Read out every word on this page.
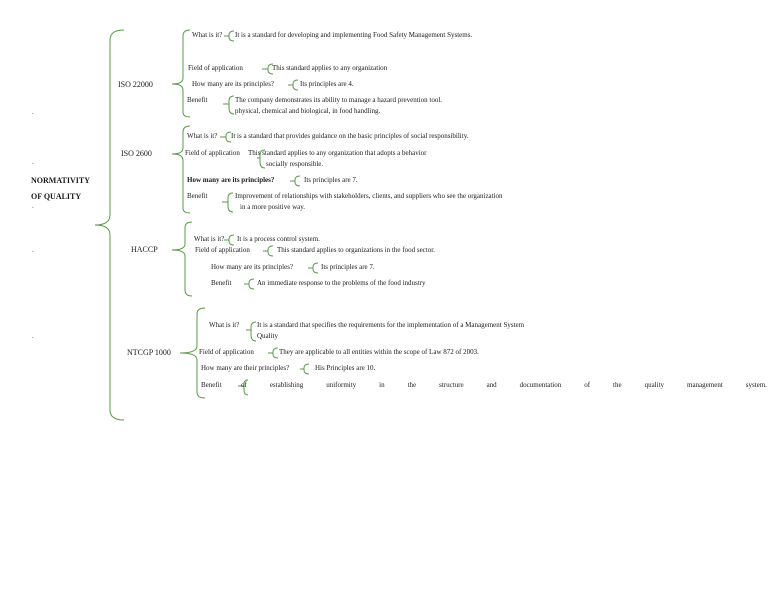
.
.
.
.
.
NORMATIVITY
OF QUALITY
ISO 22000
What is it? It is a standard for developing and implementing Food Safety Management Systems.
Field of application	This standard applies to any organization
How many are its principles?	Its principles are 4.
Benefit	The company demonstrates its ability to manage a hazard prevention tool.
physical, chemical and biological, in food handling.
ISO 2600
What is it? It is a standard that provides guidance on the basic principles of social responsibility.
Field of application This standard applies to any organization that adopts a behavior
socially responsible.
How many are its principles?	Its principles are 7.
Benefit	Improvement of relationships with stakeholders, clients, and suppliers who see the organization
in a more positive way.
HACCP
What is it? It is a process control system.
Field of application	This standard applies to organizations in the food sector.
How many are its principles?	Its principles are 7.
Benefit	An immediate response to the problems of the food industry
NTCGP 1000
What is it?	It is a standard that specifies the requirements for the implementation of a Management System
Quality
Field of application	They are applicable to all entities within the scope of Law 872 of 2003.
How many are their principles?	His Principles are 10.
Benefit	of	establishing	uniformity	in	the	structure	and	documentation	of	the	quality	management	system.
